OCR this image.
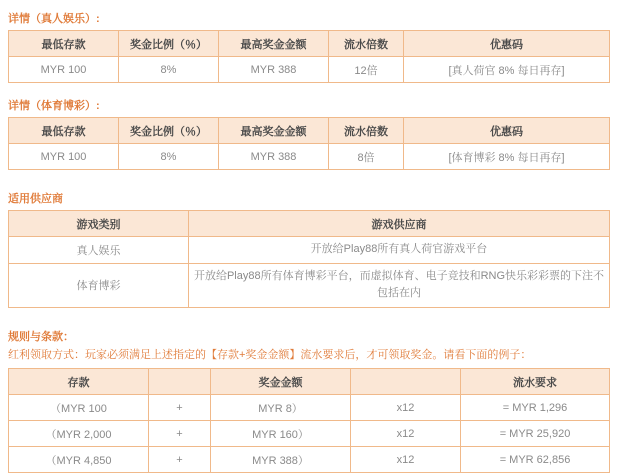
详情（真人娱乐）:
最低存款	奖金比例（％）	最高奖金金额	流水倍数	优惠码
MYR 100	8%	MYR 388	12倍	[真人荷官 8% 每日再存]
详情（体育博彩）:
最低存款	奖金比例（％）	最高奖金金额	流水倍数	优惠码
MYR 100	8%	MYR 388	8倍	[体育博彩 8% 每日再存]
适用供应商
游戏类别	游戏供应商
真人娱乐	开放给Play88所有真人荷官游戏平台
体育博彩	开放给Play88所有体育博彩平台，而虚拟体育、电子竞技和RNG快乐彩彩票的下注不包括在内
规则与条款：
红利领取方式：玩家必须满足上述指定的【存款+奖金金额】流水要求后，才可领取奖金。请看下面的例子：
存款		奖金金额		流水要求
（MYR 100	+	MYR 8）	x12	= MYR 1,296
（MYR 2,000	+	MYR 160）	x12	= MYR 25,920
（MYR 4,850	+	MYR 388）	x12	= MYR 62,856
